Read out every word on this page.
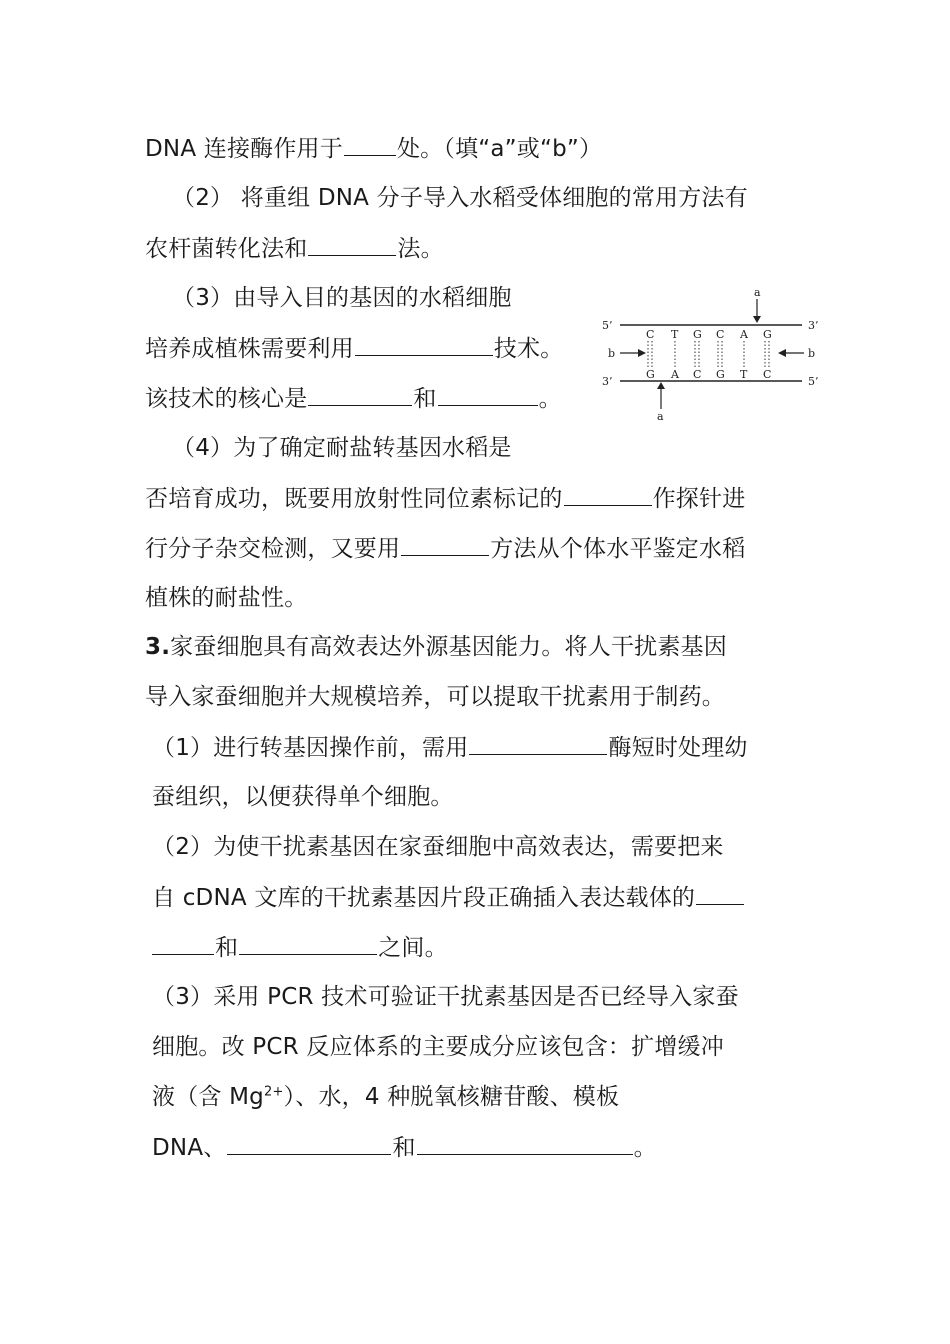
DNA 连接酶作用于 处。（填“a”或“b”）
（2） 将重组 DNA 分子导入水稻受体细胞的常用方法有
农杆菌转化法和	法。
（3）由导入目的基因的水稻细胞
培养成植株需要利用	技术。
该技术的核心是	和	。
5’	3’
3’	5’
C T G C A G
G A C G T C
a
a
b	b
（4）为了确定耐盐转基因水稻是
否培育成功，既要用放射性同位素标记的	作探针进
行分子杂交检测，又要用	方法从个体水平鉴定水稻
植株的耐盐性。
3.家蚕细胞具有高效表达外源基因能力。将人干扰素基因
导入家蚕细胞并大规模培养，可以提取干扰素用于制药。
（1）进行转基因操作前，需用	酶短时处理幼
蚕组织，以便获得单个细胞。
（2）为使干扰素基因在家蚕细胞中高效表达，需要把来
自 cDNA 文库的干扰素基因片段正确插入表达载体的
和	之间。
（3）采用 PCR 技术可验证干扰素基因是否已经导入家蚕
细胞。改 PCR 反应体系的主要成分应该包含：扩增缓冲
液（含 $Mg^{2+}$）、水，4 种脱氧核糖苷酸、模板
DNA、	和	。
